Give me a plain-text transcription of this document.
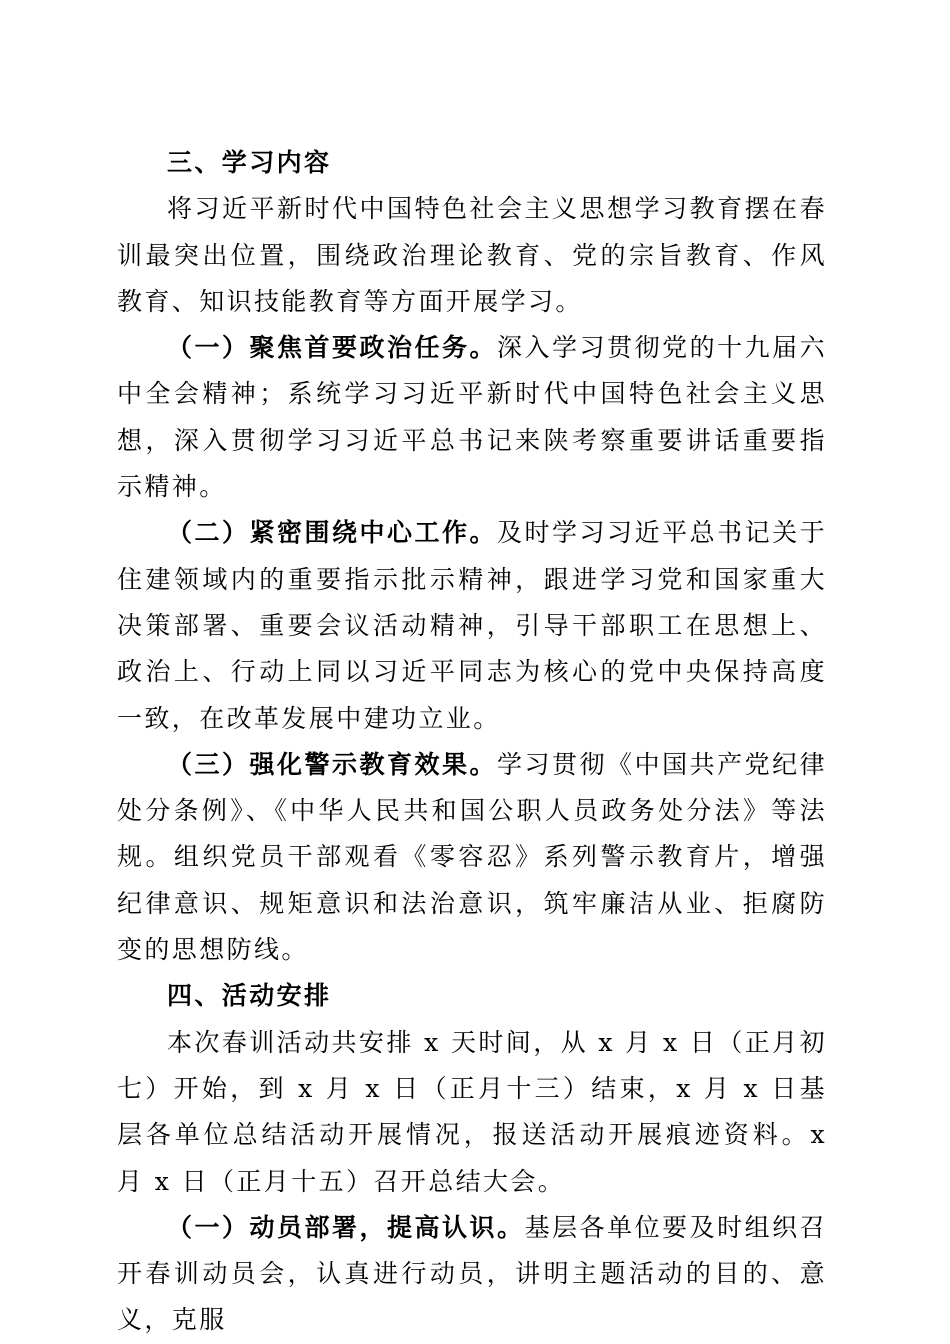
三、学习内容

将习近平新时代中国特色社会主义思想学习教育摆在春训最突出位置，围绕政治理论教育、党的宗旨教育、作风教育、知识技能教育等方面开展学习。

（一）聚焦首要政治任务。深入学习贯彻党的十九届六中全会精神；系统学习习近平新时代中国特色社会主义思想，深入贯彻学习习近平总书记来陕考察重要讲话重要指示精神。

（二）紧密围绕中心工作。及时学习习近平总书记关于住建领域内的重要指示批示精神，跟进学习党和国家重大决策部署、重要会议活动精神，引导干部职工在思想上、政治上、行动上同以习近平同志为核心的党中央保持高度一致，在改革发展中建功立业。

（三）强化警示教育效果。学习贯彻《中国共产党纪律处分条例》、《中华人民共和国公职人员政务处分法》等法规。组织党员干部观看《零容忍》系列警示教育片，增强纪律意识、规矩意识和法治意识，筑牢廉洁从业、拒腐防变的思想防线。

四、活动安排

本次春训活动共安排 x 天时间，从 x 月 x 日（正月初七）开始，到 x 月 x 日（正月十三）结束，x 月 x 日基层各单位总结活动开展情况，报送活动开展痕迹资料。x 月 x 日（正月十五）召开总结大会。

（一）动员部署，提高认识。基层各单位要及时组织召开春训动员会，认真进行动员，讲明主题活动的目的、意义，克服
